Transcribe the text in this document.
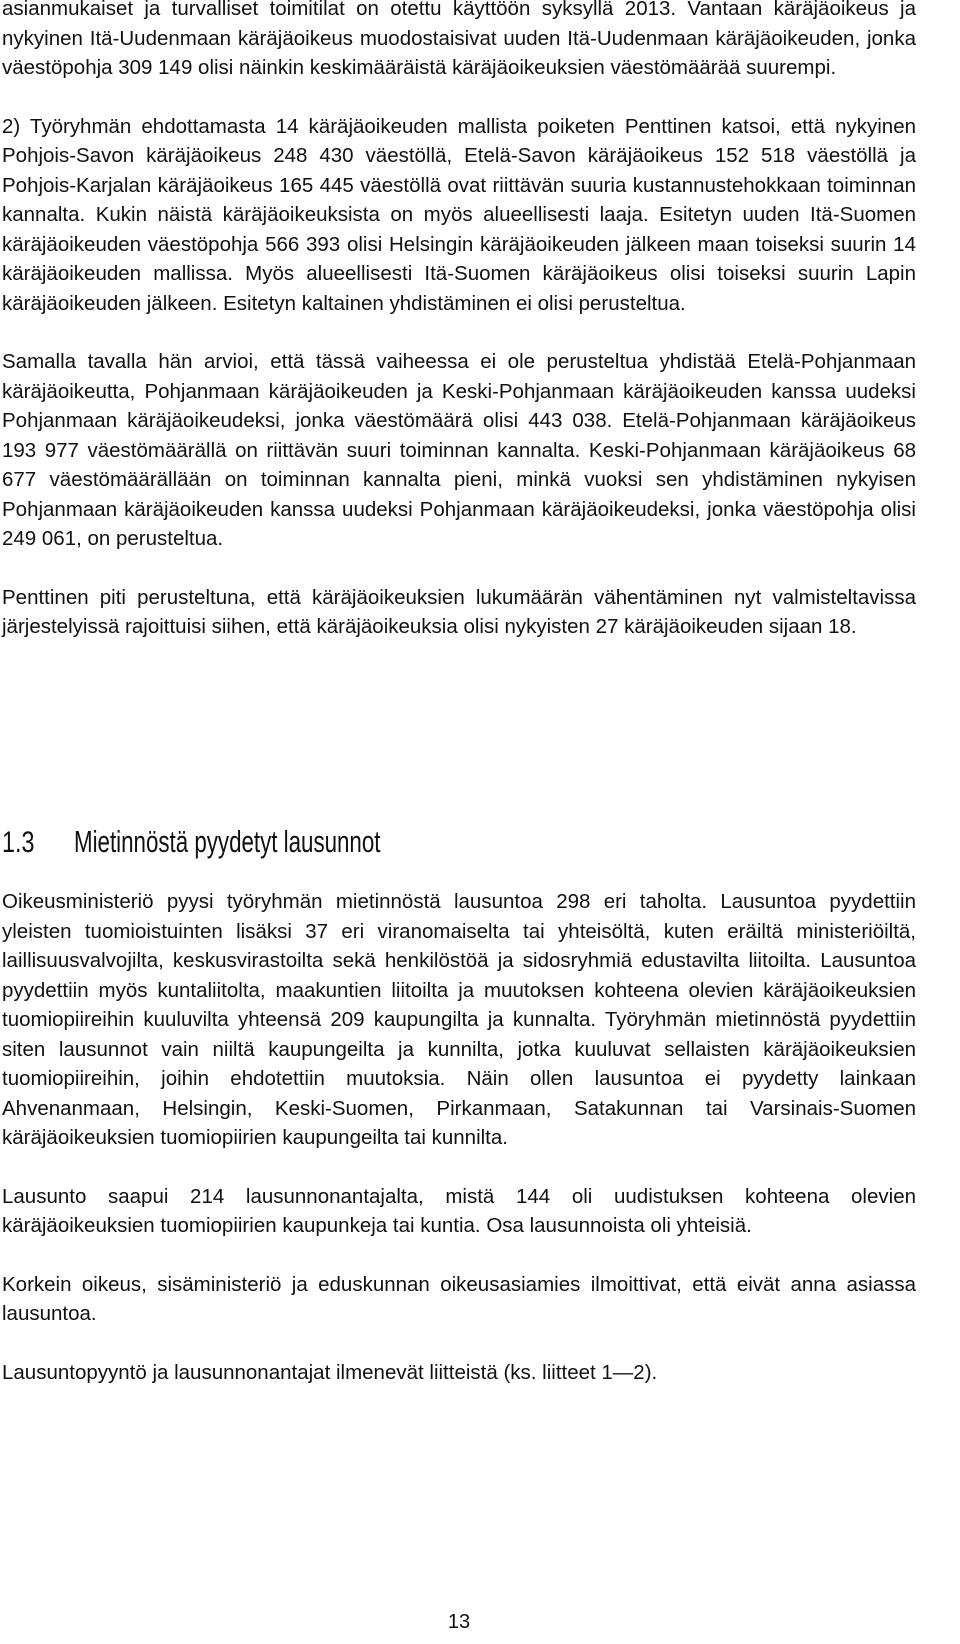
asianmukaiset ja turvalliset toimitilat on otettu käyttöön syksyllä 2013. Vantaan käräjäoikeus ja nykyinen Itä-Uudenmaan käräjäoikeus muodostaisivat uuden Itä-Uudenmaan käräjäoikeuden, jonka väestöpohja 309 149 olisi näinkin keskimääräistä käräjäoikeuksien väestömäärää suurempi.

2) Työryhmän ehdottamasta 14 käräjäoikeuden mallista poiketen Penttinen katsoi, että nykyinen Pohjois-Savon käräjäoikeus 248 430 väestöllä, Etelä-Savon käräjäoikeus 152 518 väestöllä ja Pohjois-Karjalan käräjäoikeus 165 445 väestöllä ovat riittävän suuria kustannustehokkaan toiminnan kannalta. Kukin näistä käräjäoikeuksista on myös alueellisesti laaja. Esitetyn uuden Itä-Suomen käräjäoikeuden väestöpohja 566 393 olisi Helsingin käräjäoikeuden jälkeen maan toiseksi suurin 14 käräjäoikeuden mallissa. Myös alueellisesti Itä-Suomen käräjäoikeus olisi toiseksi suurin Lapin käräjäoikeuden jälkeen. Esitetyn kaltainen yhdistäminen ei olisi perusteltua.

Samalla tavalla hän arvioi, että tässä vaiheessa ei ole perusteltua yhdistää Etelä-Pohjanmaan käräjäoikeutta, Pohjanmaan käräjäoikeuden ja Keski-Pohjanmaan käräjäoikeuden kanssa uudeksi Pohjanmaan käräjäoikeudeksi, jonka väestömäärä olisi 443 038. Etelä-Pohjanmaan käräjäoikeus 193 977 väestömäärällä on riittävän suuri toiminnan kannalta. Keski-Pohjanmaan käräjäoikeus 68 677 väestömäärällään on toiminnan kannalta pieni, minkä vuoksi sen yhdistäminen nykyisen Pohjanmaan käräjäoikeuden kanssa uudeksi Pohjanmaan käräjäoikeudeksi, jonka väestöpohja olisi 249 061, on perusteltua.

Penttinen piti perusteltuna, että käräjäoikeuksien lukumäärän vähentäminen nyt valmisteltavissa järjestelyissä rajoittuisi siihen, että käräjäoikeuksia olisi nykyisten 27 käräjäoikeuden sijaan 18.

1.3 Mietinnöstä pyydetyt lausunnot

Oikeusministeriö pyysi työryhmän mietinnöstä lausuntoa 298 eri taholta. Lausuntoa pyydettiin yleisten tuomioistuinten lisäksi 37 eri viranomaiselta tai yhteisöltä, kuten eräiltä ministeriöiltä, laillisuusvalvojilta, keskusvirastoilta sekä henkilöstöä ja sidosryhmiä edustavilta liitoilta. Lausuntoa pyydettiin myös kuntaliitolta, maakuntien liitoilta ja muutoksen kohteena olevien käräjäoikeuksien tuomiopiireihin kuuluvilta yhteensä 209 kaupungilta ja kunnalta. Työryhmän mietinnöstä pyydettiin siten lausunnot vain niiltä kaupungeilta ja kunnilta, jotka kuuluvat sellaisten käräjäoikeuksien tuomiopiireihin, joihin ehdotettiin muutoksia. Näin ollen lausuntoa ei pyydetty lainkaan Ahvenanmaan, Helsingin, Keski-Suomen, Pirkanmaan, Satakunnan tai Varsinais-Suomen käräjäoikeuksien tuomiopiirien kaupungeilta tai kunnilta.

Lausunto saapui 214 lausunnonantajalta, mistä 144 oli uudistuksen kohteena olevien käräjäoikeuksien tuomiopiirien kaupunkeja tai kuntia. Osa lausunnoista oli yhteisiä.

Korkein oikeus, sisäministeriö ja eduskunnan oikeusasiamies ilmoittivat, että eivät anna asiassa lausuntoa.

Lausuntopyyntö ja lausunnonantajat ilmenevät liitteistä (ks. liitteet 1—2).

13
